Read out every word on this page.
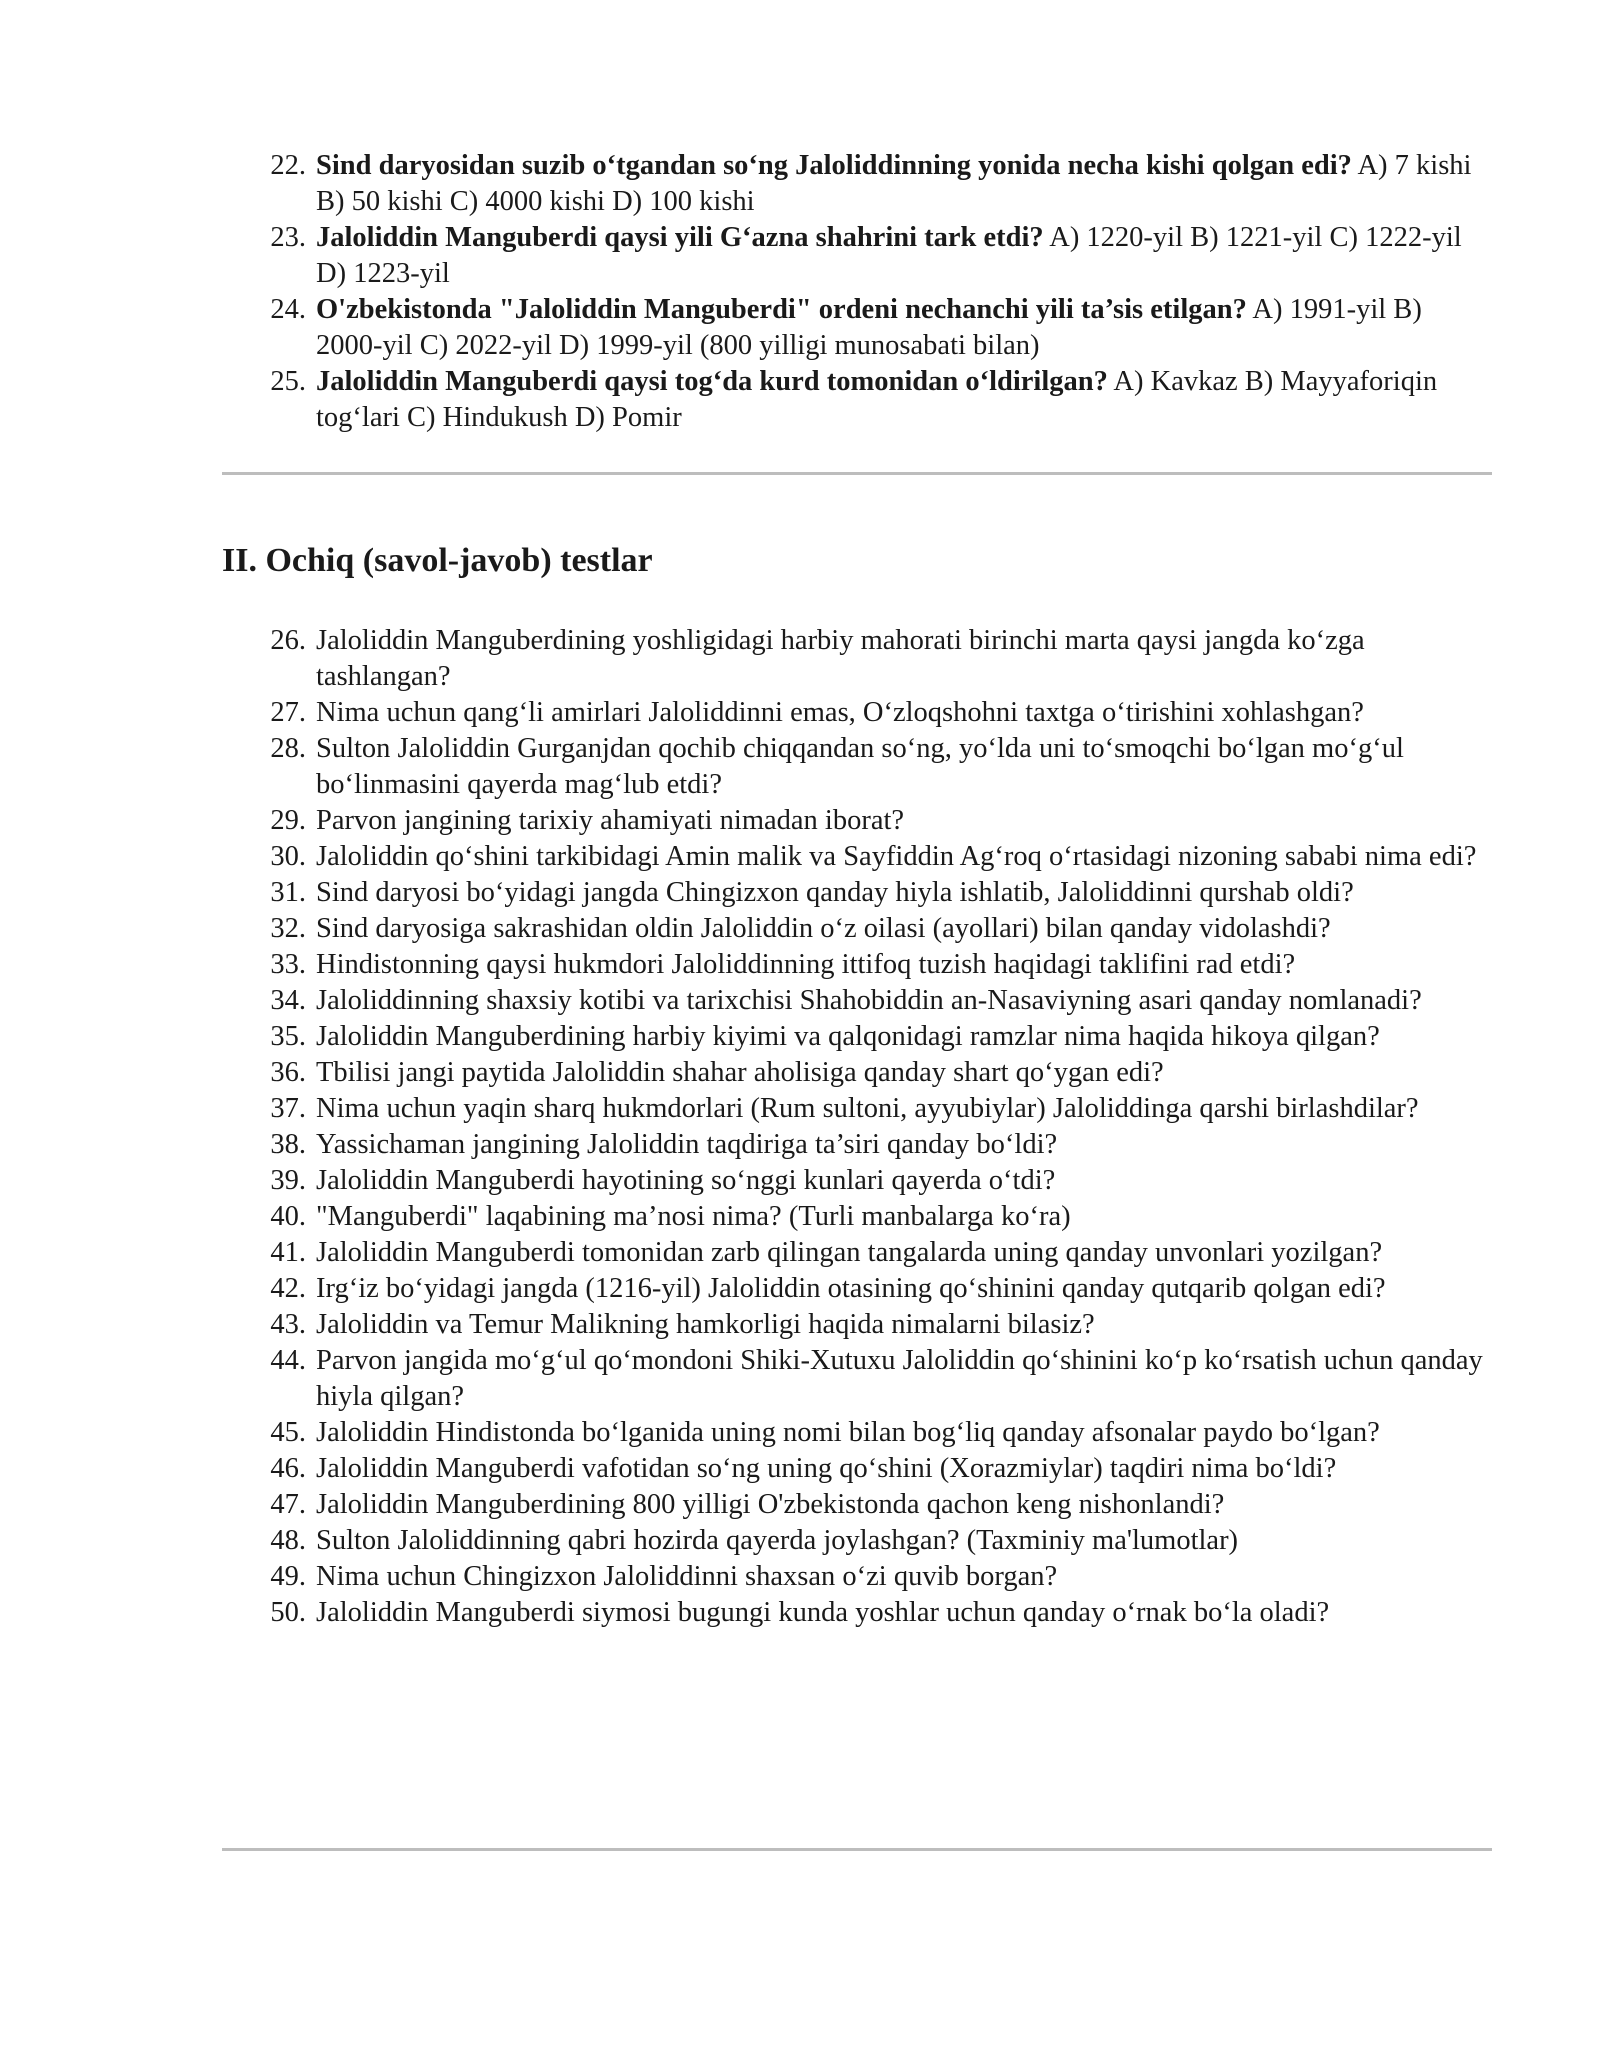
22. Sind daryosidan suzib o‘tgandan so‘ng Jaloliddinning yonida necha kishi qolgan edi? A) 7 kishi B) 50 kishi C) 4000 kishi D) 100 kishi
23. Jaloliddin Manguberdi qaysi yili G‘azna shahrini tark etdi? A) 1220-yil B) 1221-yil C) 1222-yil D) 1223-yil
24. O'zbekistonda "Jaloliddin Manguberdi" ordeni nechanchi yili ta’sis etilgan? A) 1991-yil B) 2000-yil C) 2022-yil D) 1999-yil (800 yilligi munosabati bilan)
25. Jaloliddin Manguberdi qaysi tog‘da kurd tomonidan o‘ldirilgan? A) Kavkaz B) Mayyaforiqin tog‘lari C) Hindukush D) Pomir
II. Ochiq (savol-javob) testlar
26. Jaloliddin Manguberdining yoshligidagi harbiy mahorati birinchi marta qaysi jangda ko‘zga tashlangan?
27. Nima uchun qang‘li amirlari Jaloliddinni emas, O‘zloqshohni taxtga o‘tirishini xohlashgan?
28. Sulton Jaloliddin Gurganjdan qochib chiqqandan so‘ng, yo‘lda uni to‘smoqchi bo‘lgan mo‘g‘ul bo‘linmasini qayerda mag‘lub etdi?
29. Parvon jangining tarixiy ahamiyati nimadan iborat?
30. Jaloliddin qo‘shini tarkibidagi Amin malik va Sayfiddin Ag‘roq o‘rtasidagi nizoning sababi nima edi?
31. Sind daryosi bo‘yidagi jangda Chingizxon qanday hiyla ishlatib, Jaloliddinni qurshab oldi?
32. Sind daryosiga sakrashidan oldin Jaloliddin o‘z oilasi (ayollari) bilan qanday vidolashdi?
33. Hindistonning qaysi hukmdori Jaloliddinning ittifoq tuzish haqidagi taklifini rad etdi?
34. Jaloliddinning shaxsiy kotibi va tarixchisi Shahobiddin an-Nasaviyning asari qanday nomlanadi?
35. Jaloliddin Manguberdining harbiy kiyimi va qalqonidagi ramzlar nima haqida hikoya qilgan?
36. Tbilisi jangi paytida Jaloliddin shahar aholisiga qanday shart qo‘ygan edi?
37. Nima uchun yaqin sharq hukmdorlari (Rum sultoni, ayyubiylar) Jaloliddinga qarshi birlashdilar?
38. Yassichaman jangining Jaloliddin taqdiriga ta’siri qanday bo‘ldi?
39. Jaloliddin Manguberdi hayotining so‘nggi kunlari qayerda o‘tdi?
40. "Manguberdi" laqabining ma’nosi nima? (Turli manbalarga ko‘ra)
41. Jaloliddin Manguberdi tomonidan zarb qilingan tangalarda uning qanday unvonlari yozilgan?
42. Irg‘iz bo‘yidagi jangda (1216-yil) Jaloliddin otasining qo‘shinini qanday qutqarib qolgan edi?
43. Jaloliddin va Temur Malikning hamkorligi haqida nimalarni bilasiz?
44. Parvon jangida mo‘g‘ul qo‘mondoni Shiki-Xutuxu Jaloliddin qo‘shinini ko‘p ko‘rsatish uchun qanday hiyla qilgan?
45. Jaloliddin Hindistonda bo‘lganida uning nomi bilan bog‘liq qanday afsonalar paydo bo‘lgan?
46. Jaloliddin Manguberdi vafotidan so‘ng uning qo‘shini (Xorazmiylar) taqdiri nima bo‘ldi?
47. Jaloliddin Manguberdining 800 yilligi O'zbekistonda qachon keng nishonlandi?
48. Sulton Jaloliddinning qabri hozirda qayerda joylashgan? (Taxminiy ma'lumotlar)
49. Nima uchun Chingizxon Jaloliddinni shaxsan o‘zi quvib borgan?
50. Jaloliddin Manguberdi siymosi bugungi kunda yoshlar uchun qanday o‘rnak bo‘la oladi?
